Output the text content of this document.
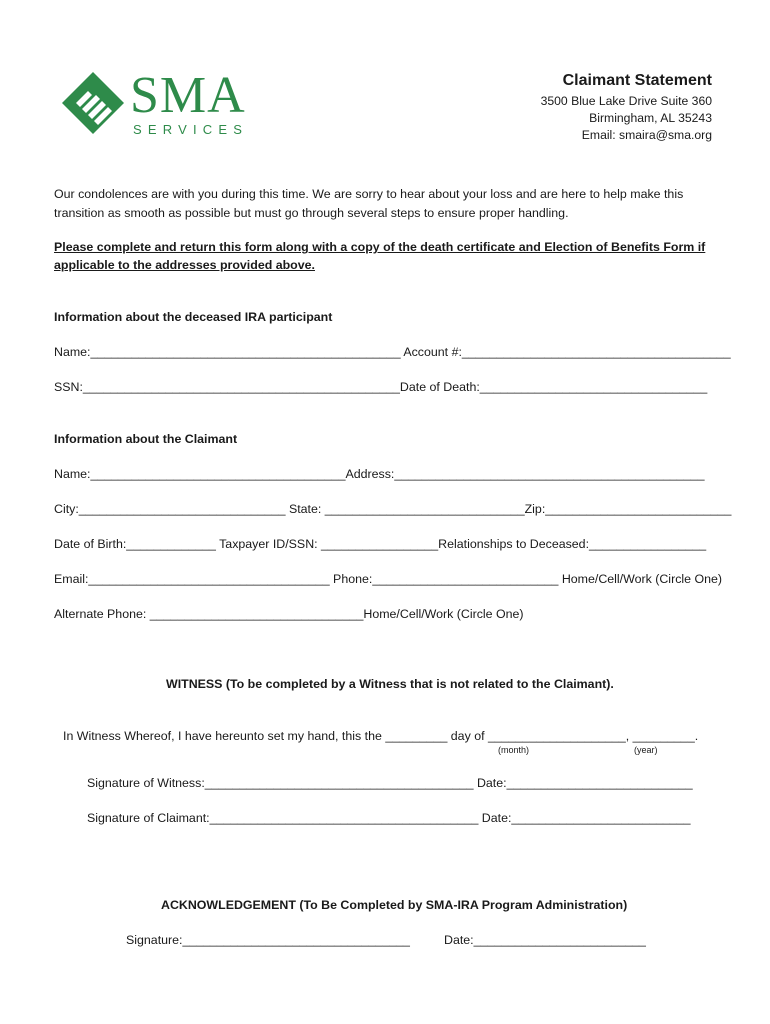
SMA
SERVICES
Claimant Statement
3500 Blue Lake Drive Suite 360
Birmingham, AL 35243
Email: smaira@sma.org
Our condolences are with you during this time. We are sorry to hear about your loss and are here to help make this
transition as smooth as possible but must go through several steps to ensure proper handling.
Please complete and return this form along with a copy of the death certificate and Election of Benefits Form if
applicable to the addresses provided above.
Information about the deceased IRA participant
Name:_____________________________________________ Account #:_______________________________________
SSN:______________________________________________Date of Death:_________________________________
Information about the Claimant
Name:_____________________________________Address:_____________________________________________
City:______________________________ State: _____________________________Zip:___________________________
Date of Birth:_____________ Taxpayer ID/SSN: _________________Relationships to Deceased:_________________
Email:___________________________________ Phone:___________________________ Home/Cell/Work (Circle One)
Alternate Phone: _______________________________Home/Cell/Work (Circle One)
WITNESS (To be completed by a Witness that is not related to the Claimant).
In Witness Whereof, I have hereunto set my hand, this the _________ day of ____________________, _________.
(month)	(year)
Signature of Witness:_______________________________________ Date:___________________________
Signature of Claimant:_______________________________________ Date:__________________________
ACKNOWLEDGEMENT (To Be Completed by SMA-IRA Program Administration)
Signature:_________________________________	Date:_________________________
